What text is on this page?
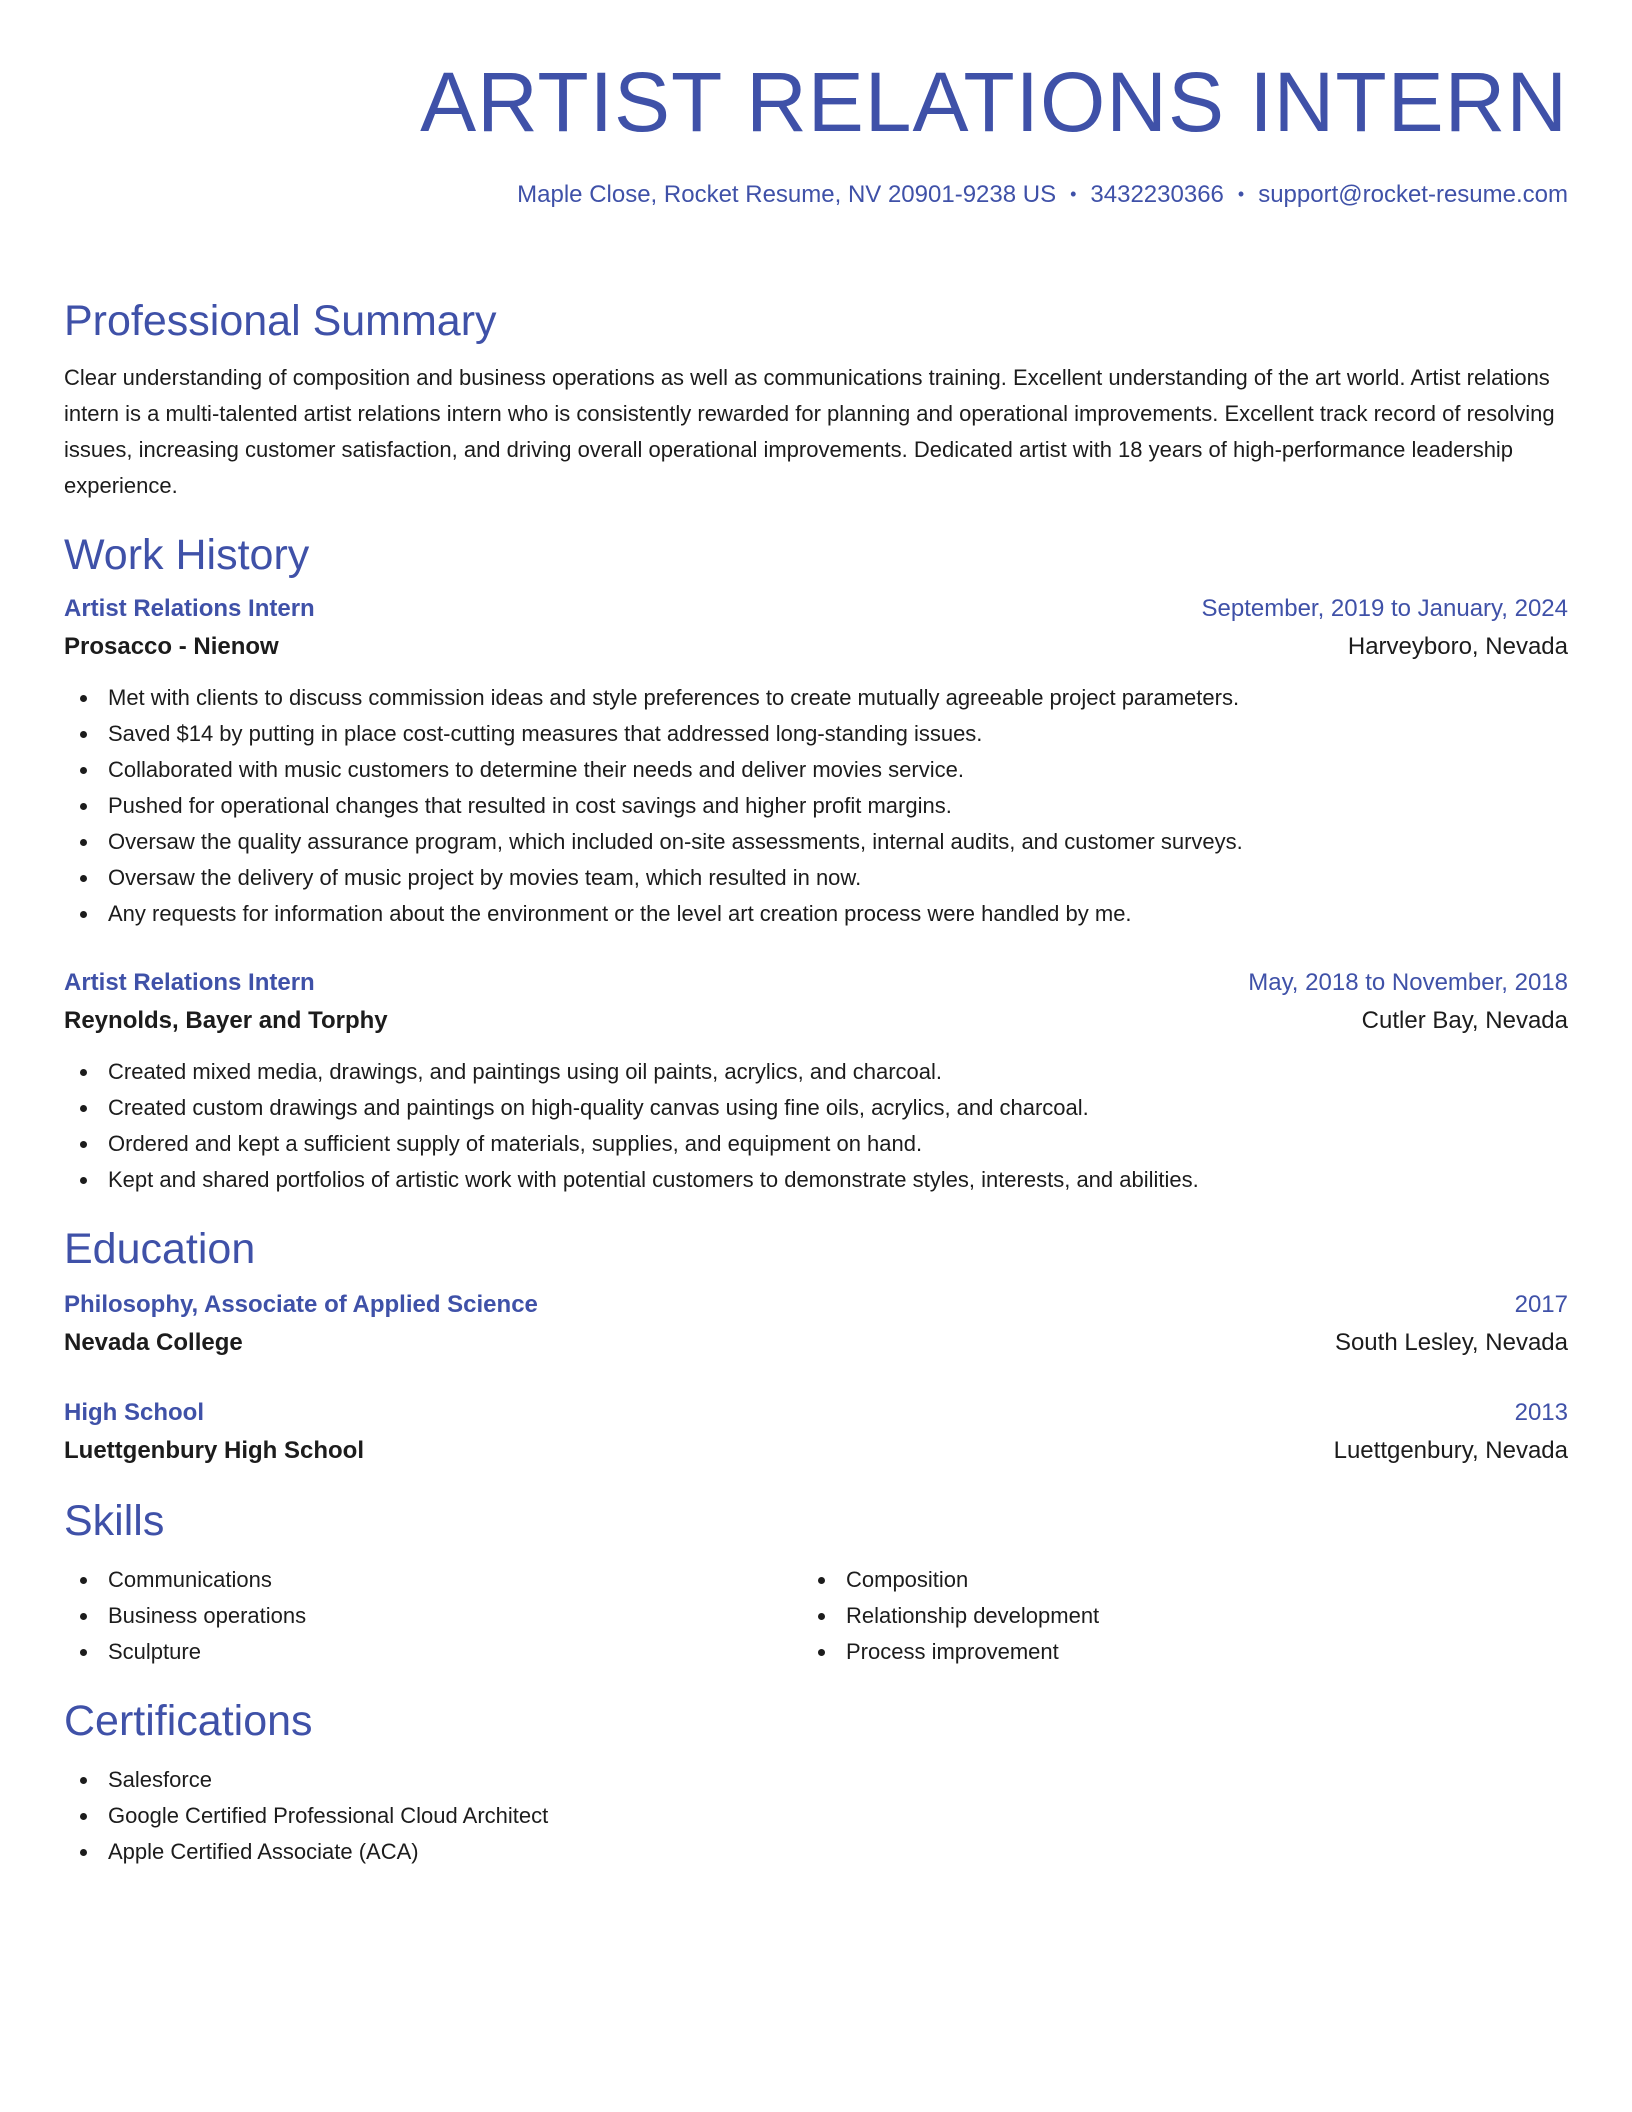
ARTIST RELATIONS INTERN
Maple Close, Rocket Resume, NV 20901-9238 US • 3432230366 • support@rocket-resume.com
Professional Summary

Clear understanding of composition and business operations as well as communications training. Excellent understanding of the art world. Artist relations intern is a multi-talented artist relations intern who is consistently rewarded for planning and operational improvements. Excellent track record of resolving issues, increasing customer satisfaction, and driving overall operational improvements. Dedicated artist with 18 years of high-performance leadership experience.

Work History
Artist Relations Intern	September, 2019 to January, 2024
Prosacco - Nienow	Harveyboro, Nevada
Met with clients to discuss commission ideas and style preferences to create mutually agreeable project parameters.
Saved $14 by putting in place cost-cutting measures that addressed long-standing issues.
Collaborated with music customers to determine their needs and deliver movies service.
Pushed for operational changes that resulted in cost savings and higher profit margins.
Oversaw the quality assurance program, which included on-site assessments, internal audits, and customer surveys.
Oversaw the delivery of music project by movies team, which resulted in now.
Any requests for information about the environment or the level art creation process were handled by me.
Artist Relations Intern	May, 2018 to November, 2018
Reynolds, Bayer and Torphy	Cutler Bay, Nevada
Created mixed media, drawings, and paintings using oil paints, acrylics, and charcoal.
Created custom drawings and paintings on high-quality canvas using fine oils, acrylics, and charcoal.
Ordered and kept a sufficient supply of materials, supplies, and equipment on hand.
Kept and shared portfolios of artistic work with potential customers to demonstrate styles, interests, and abilities.
Education
Philosophy, Associate of Applied Science	2017
Nevada College	South Lesley, Nevada
High School	2013
Luettgenbury High School	Luettgenbury, Nevada
Skills
Communications
Business operations
Sculpture
Composition
Relationship development
Process improvement
Certifications
Salesforce
Google Certified Professional Cloud Architect
Apple Certified Associate (ACA)
